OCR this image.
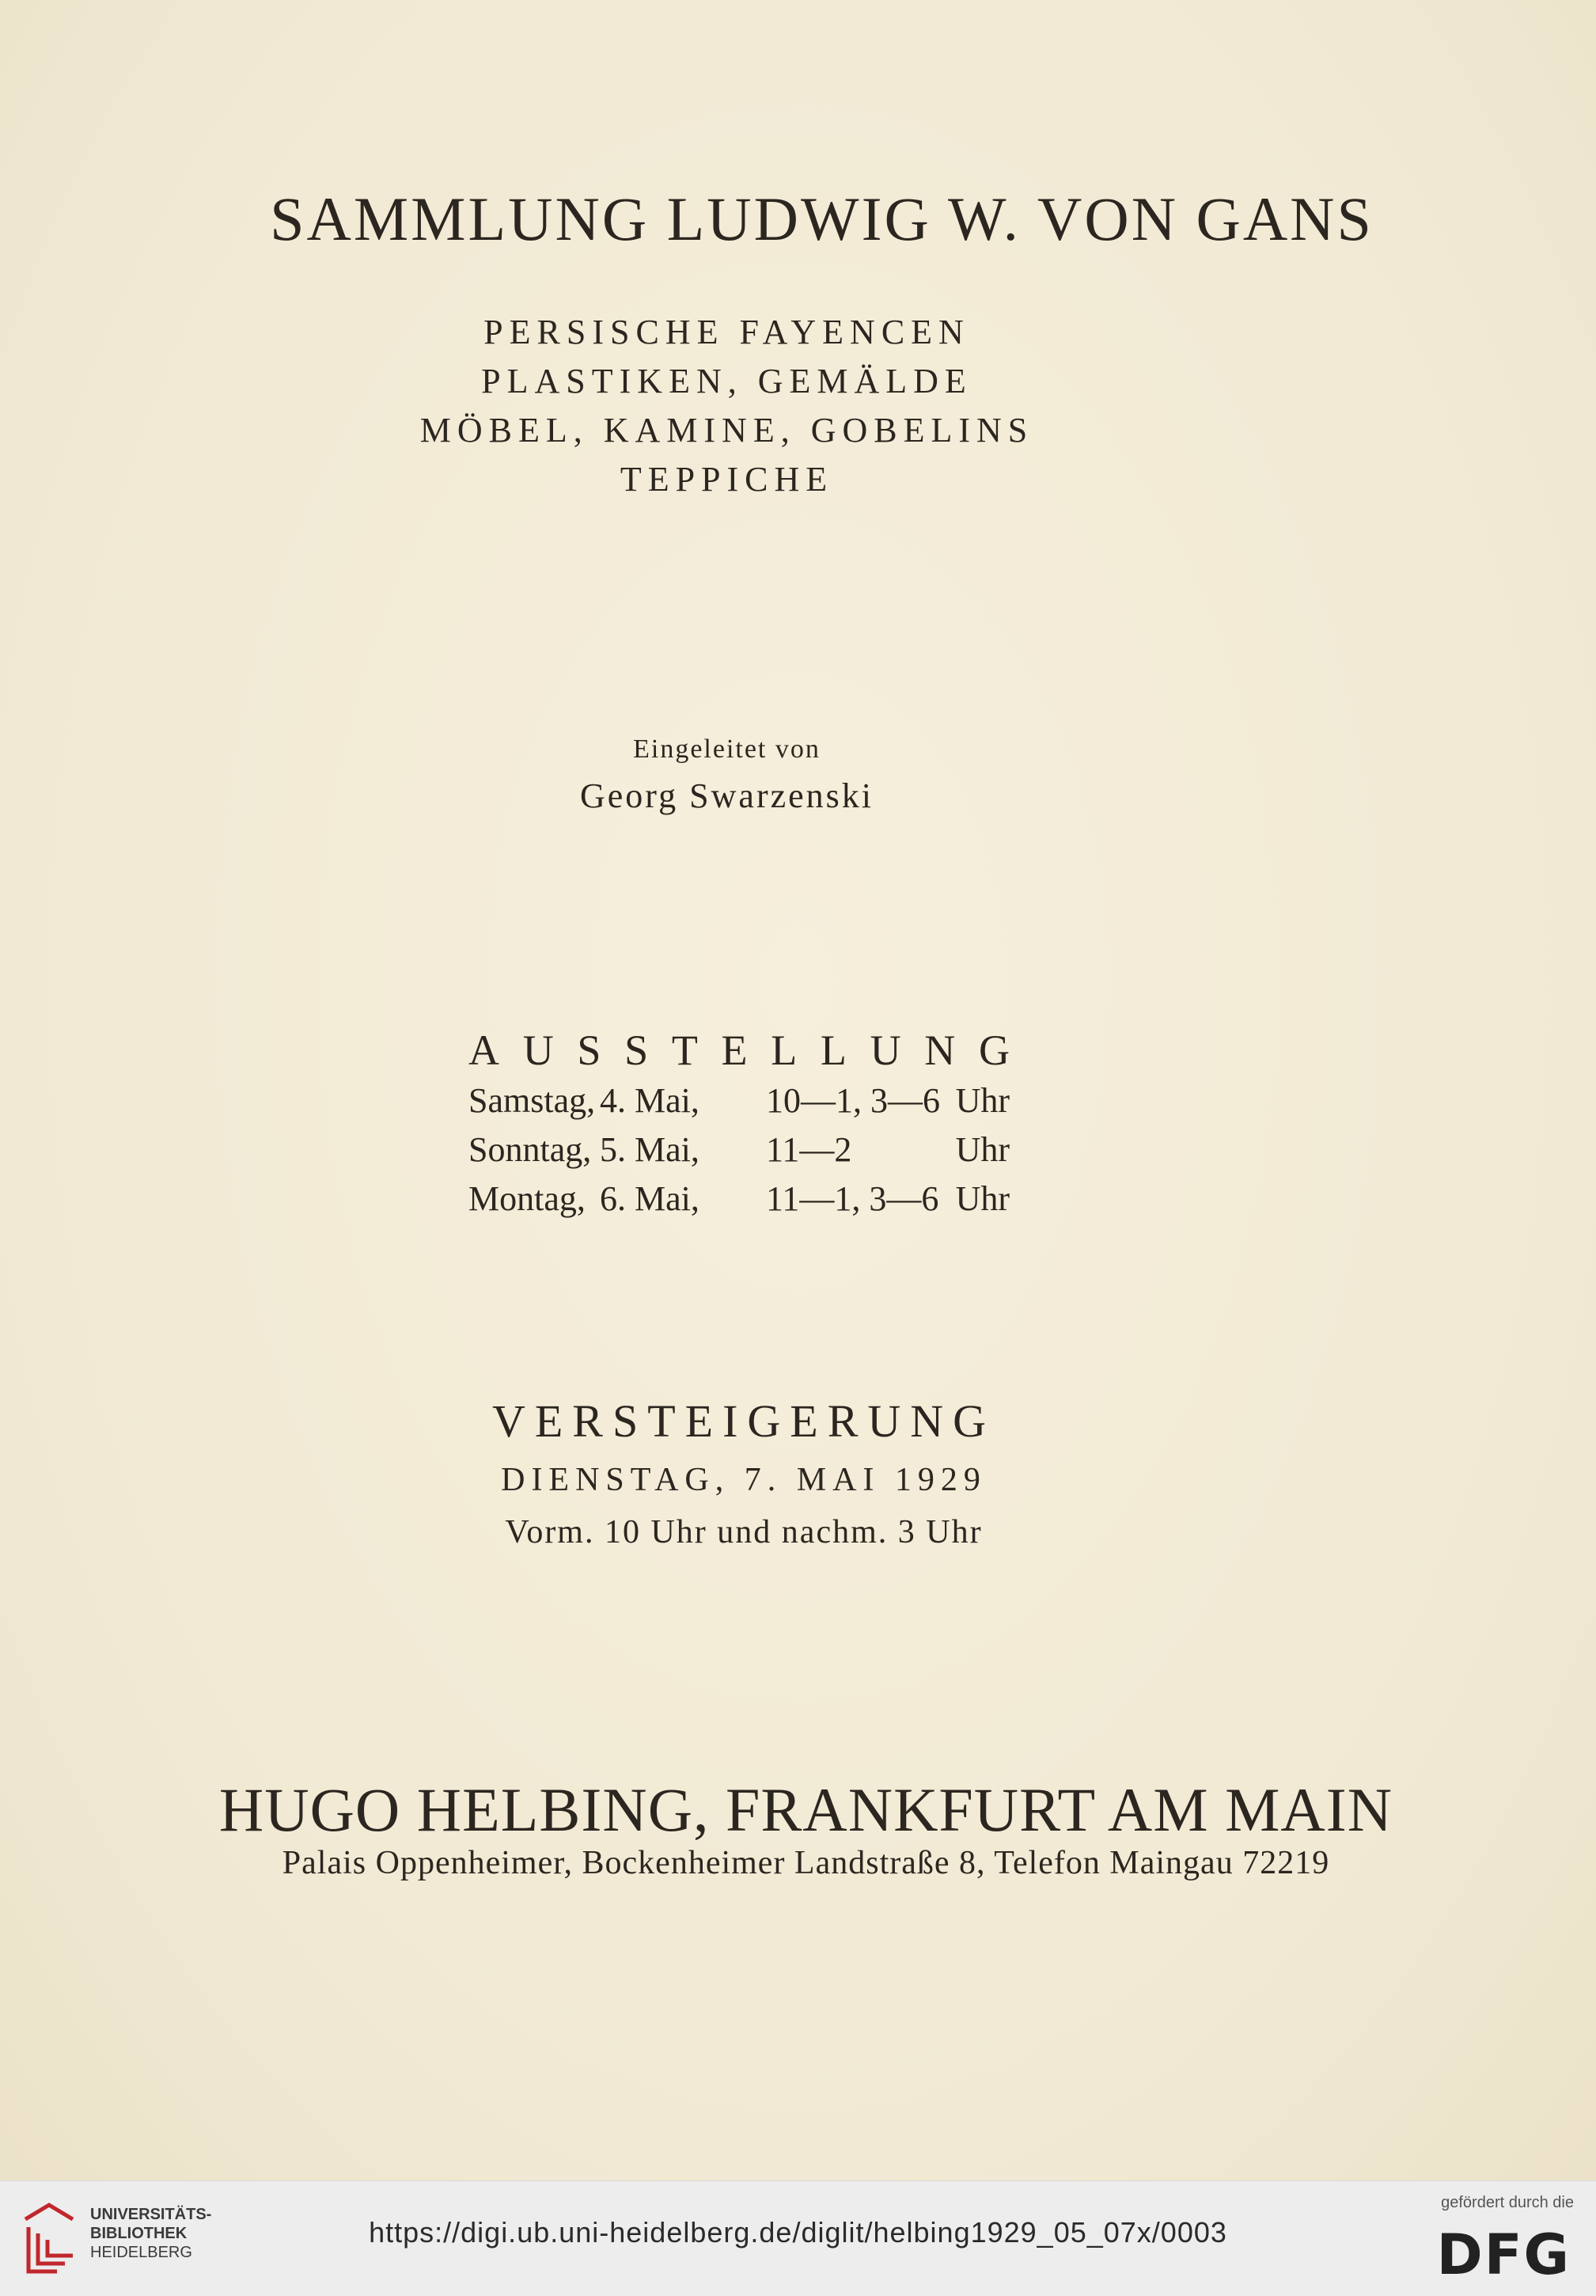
SAMMLUNG LUDWIG W. VON GANS
PERSISCHE FAYENCEN
PLASTIKEN, GEMÄLDE
MÖBEL, KAMINE, GOBELINS
TEPPICHE
Eingeleitet von
Georg Swarzenski
A U S S T E L L U N G
Samstag, 4. Mai,	10—1, 3—6 Uhr
Sonntag, 5. Mai,	11—2	Uhr
Montag, 6. Mai,	11—1, 3—6 Uhr
VERSTEIGERUNG
DIENSTAG, 7. MAI 1929
Vorm. 10 Uhr und nachm. 3 Uhr
HUGO HELBING, FRANKFURT AM MAIN
Palais Oppenheimer, Bockenheimer Landstraße 8, Telefon Maingau 72219
UNIVERSITÄTS-
BIBLIOTHEK
HEIDELBERG
https://digi.ub.uni-heidelberg.de/diglit/helbing1929_05_07x/0003
gefördert durch die
DFG
